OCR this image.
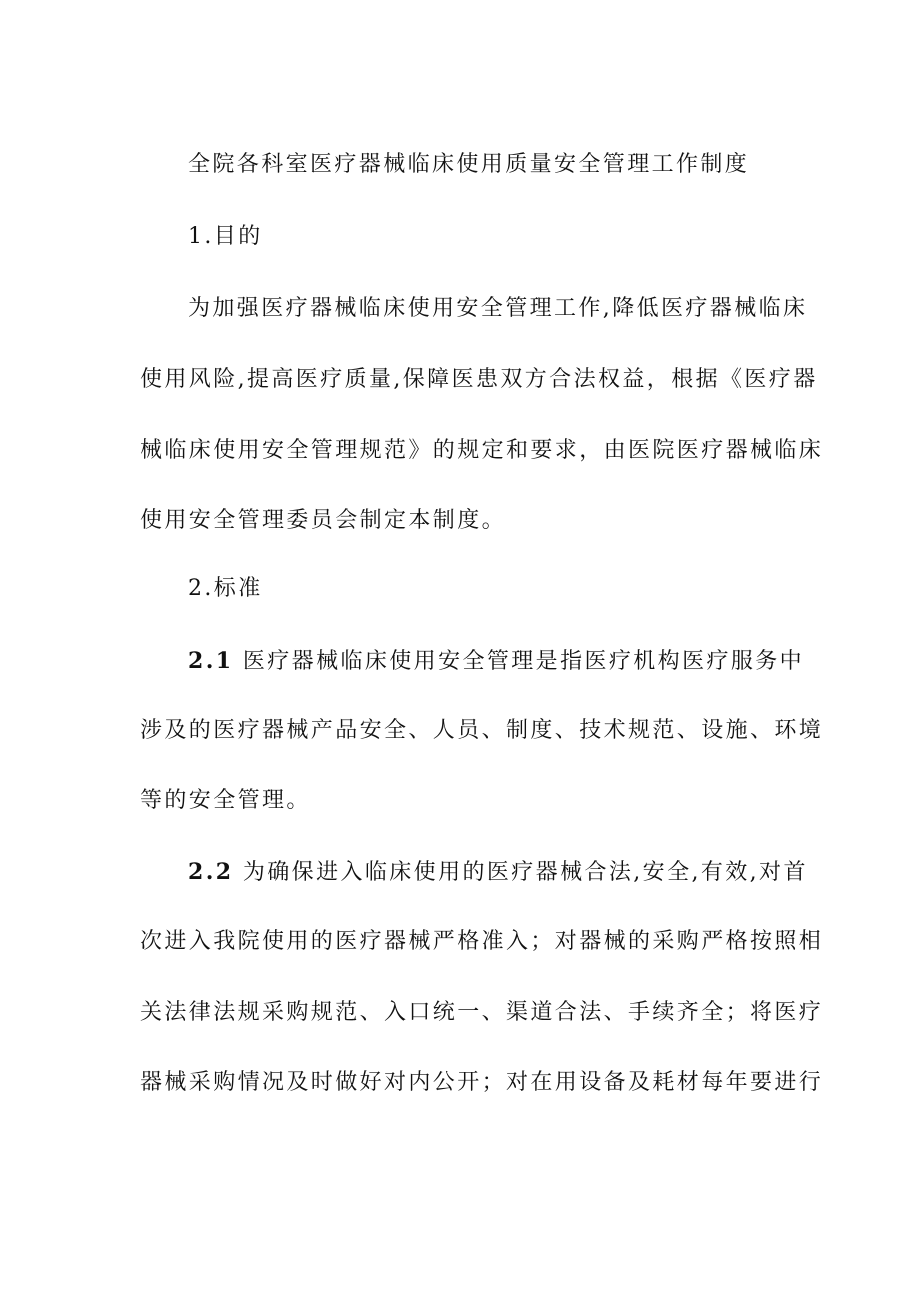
全院各科室医疗器械临床使用质量安全管理工作制度
1.目的
为加强医疗器械临床使用安全管理工作,降低医疗器械临床
使用风险,提高医疗质量,保障医患双方合法权益，根据《医疗器
械临床使用安全管理规范》的规定和要求，由医院医疗器械临床
使用安全管理委员会制定本制度。
2.标准
2.1 医疗器械临床使用安全管理是指医疗机构医疗服务中
涉及的医疗器械产品安全、人员、制度、技术规范、设施、环境
等的安全管理。
2.2 为确保进入临床使用的医疗器械合法,安全,有效,对首
次进入我院使用的医疗器械严格准入；对器械的采购严格按照相
关法律法规采购规范、入口统一、渠道合法、手续齐全；将医疗
器械采购情况及时做好对内公开；对在用设备及耗材每年要进行
